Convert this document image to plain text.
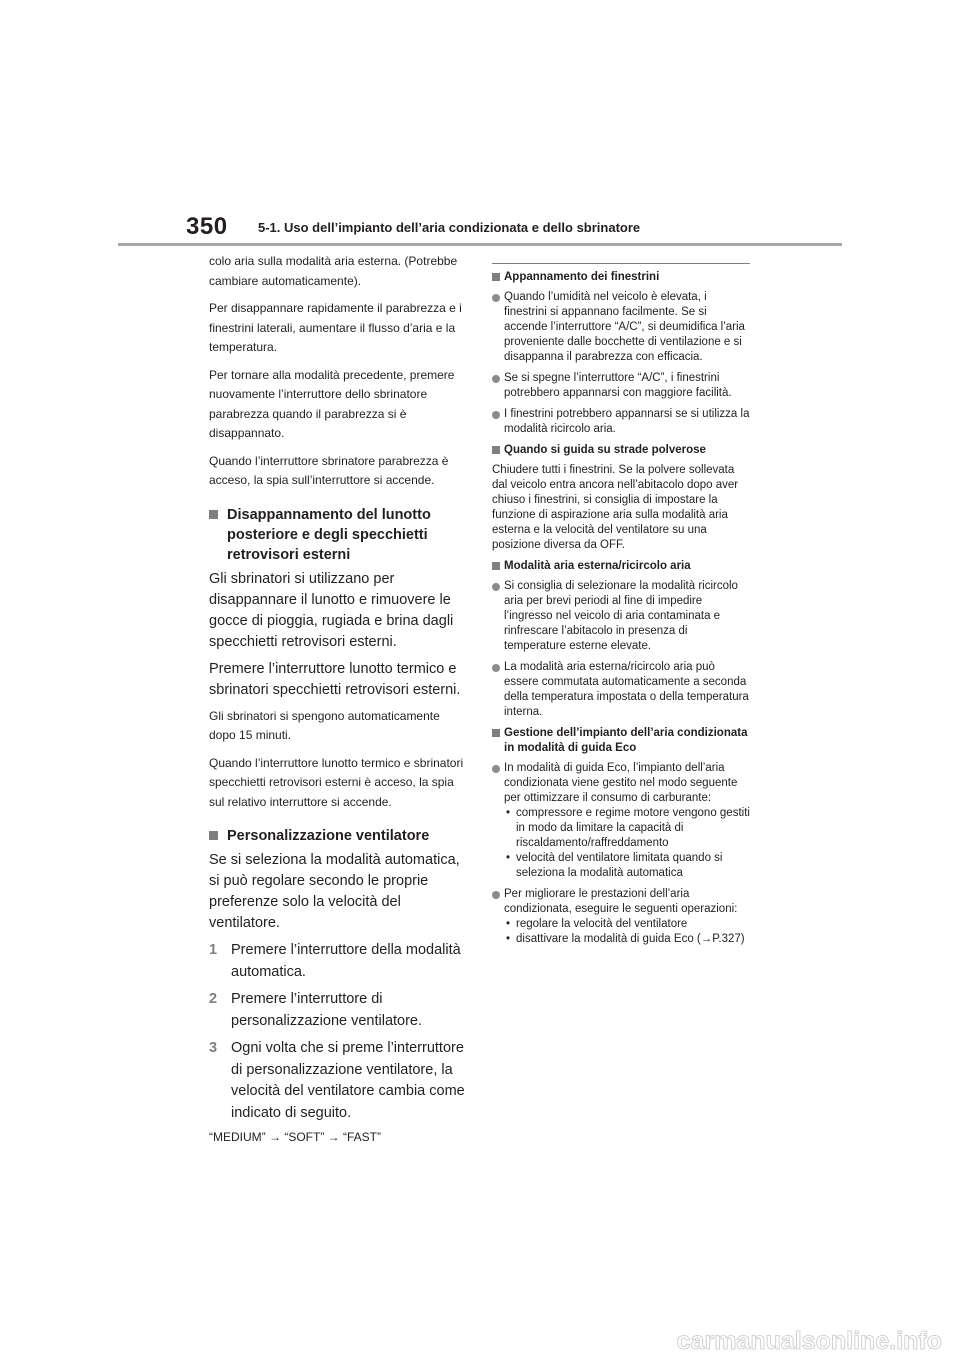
350 5-1. Uso dell’impianto dell’aria condizionata e dello sbrinatore

colo aria sulla modalità aria esterna. (Potrebbe cambiare automaticamente).

Per disappannare rapidamente il parabrezza e i finestrini laterali, aumentare il flusso d’aria e la temperatura.

Per tornare alla modalità precedente, premere nuovamente l’interruttore dello sbrinatore parabrezza quando il parabrezza si è disappannato.

Quando l’interruttore sbrinatore parabrezza è acceso, la spia sull’interruttore si accende.

Disappannamento del lunotto posteriore e degli specchietti retrovisori esterni

Gli sbrinatori si utilizzano per disappannare il lunotto e rimuovere le gocce di pioggia, rugiada e brina dagli specchietti retrovisori esterni.

Premere l’interruttore lunotto termico e sbrinatori specchietti retrovisori esterni.

Gli sbrinatori si spengono automaticamente dopo 15 minuti.

Quando l’interruttore lunotto termico e sbrinatori specchietti retrovisori esterni è acceso, la spia sul relativo interruttore si accende.

Personalizzazione ventilatore

Se si seleziona la modalità automatica, si può regolare secondo le proprie preferenze solo la velocità del ventilatore.

1 Premere l’interruttore della modalità automatica.
2 Premere l’interruttore di personalizzazione ventilatore.
3 Ogni volta che si preme l’interruttore di personalizzazione ventilatore, la velocità del ventilatore cambia come indicato di seguito.
“MEDIUM” → “SOFT” → “FAST”
Appannamento dei finestrini
Quando l’umidità nel veicolo è elevata, i finestrini si appannano facilmente. Se si accende l’interruttore “A/C”, si deumidifica l’aria proveniente dalle bocchette di ventilazione e si disappanna il parabrezza con efficacia.
Se si spegne l’interruttore “A/C”, i finestrini potrebbero appannarsi con maggiore facilità.
I finestrini potrebbero appannarsi se si utilizza la modalità ricircolo aria.
Quando si guida su strade polverose

Chiudere tutti i finestrini. Se la polvere sollevata dal veicolo entra ancora nell’abitacolo dopo aver chiuso i finestrini, si consiglia di impostare la funzione di aspirazione aria sulla modalità aria esterna e la velocità del ventilatore su una posizione diversa da OFF.

Modalità aria esterna/ricircolo aria
Si consiglia di selezionare la modalità ricircolo aria per brevi periodi al fine di impedire l’ingresso nel veicolo di aria contaminata e rinfrescare l’abitacolo in presenza di temperature esterne elevate.
La modalità aria esterna/ricircolo aria può essere commutata automaticamente a seconda della temperatura impostata o della temperatura interna.
Gestione dell’impianto dell’aria condizionata in modalità di guida Eco
In modalità di guida Eco, l’impianto dell’aria condizionata viene gestito nel modo seguente per ottimizzare il consumo di carburante:
• compressore e regime motore vengono gestiti in modo da limitare la capacità di riscaldamento/raffreddamento
• velocità del ventilatore limitata quando si seleziona la modalità automatica
Per migliorare le prestazioni dell’aria condizionata, eseguire le seguenti operazioni:
• regolare la velocità del ventilatore
• disattivare la modalità di guida Eco (→P.327)
carmanualsonline.info
